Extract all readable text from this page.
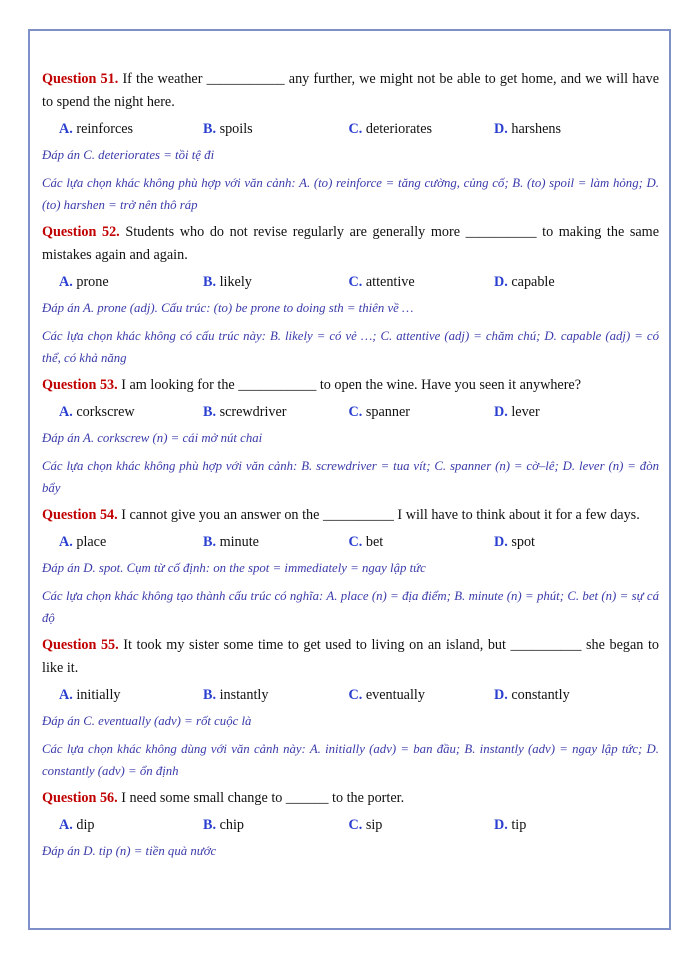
Question 51. If the weather ___________ any further, we might not be able to get home, and we will have to spend the night here.
A. reinforces	B. spoils	C. deteriorates	D. harshens
Đáp án C. deteriorates = tồi tệ đi
Các lựa chọn khác không phù hợp với văn cảnh: A. (to) reinforce = tăng cường, củng cố; B. (to) spoil = làm hỏng; D. (to) harshen = trở nên thô ráp
Question 52. Students who do not revise regularly are generally more __________ to making the same mistakes again and again.
A. prone	B. likely	C. attentive	D. capable
Đáp án A. prone (adj). Cấu trúc: (to) be prone to doing sth = thiên về …
Các lựa chọn khác không có cấu trúc này: B. likely = có vẻ …; C. attentive (adj) = chăm chú; D. capable (adj) = có thể, có khả năng
Question 53. I am looking for the ___________ to open the wine. Have you seen it anywhere?
A. corkscrew	B. screwdriver	C. spanner	D. lever
Đáp án A. corkscrew (n) = cái mở nút chai
Các lựa chọn khác không phù hợp với văn cảnh: B. screwdriver = tua vít; C. spanner (n) = cờ–lê; D. lever (n) = đòn bẩy
Question 54. I cannot give you an answer on the __________ I will have to think about it for a few days.
A. place	B. minute	C. bet	D. spot
Đáp án D. spot. Cụm từ cố định: on the spot = immediately = ngay lập tức
Các lựa chọn khác không tạo thành cấu trúc có nghĩa: A. place (n) = địa điểm; B. minute (n) = phút; C. bet (n) = sự cá độ
Question 55. It took my sister some time to get used to living on an island, but __________ she began to like it.
A. initially	B. instantly	C. eventually	D. constantly
Đáp án C. eventually (adv) = rốt cuộc là
Các lựa chọn khác không dùng với văn cảnh này: A. initially (adv) = ban đầu; B. instantly (adv) = ngay lập tức; D. constantly (adv) = ổn định
Question 56. I need some small change to ______ to the porter.
A. dip	B. chip	C. sip	D. tip
Đáp án D. tip (n) = tiền quà nước
